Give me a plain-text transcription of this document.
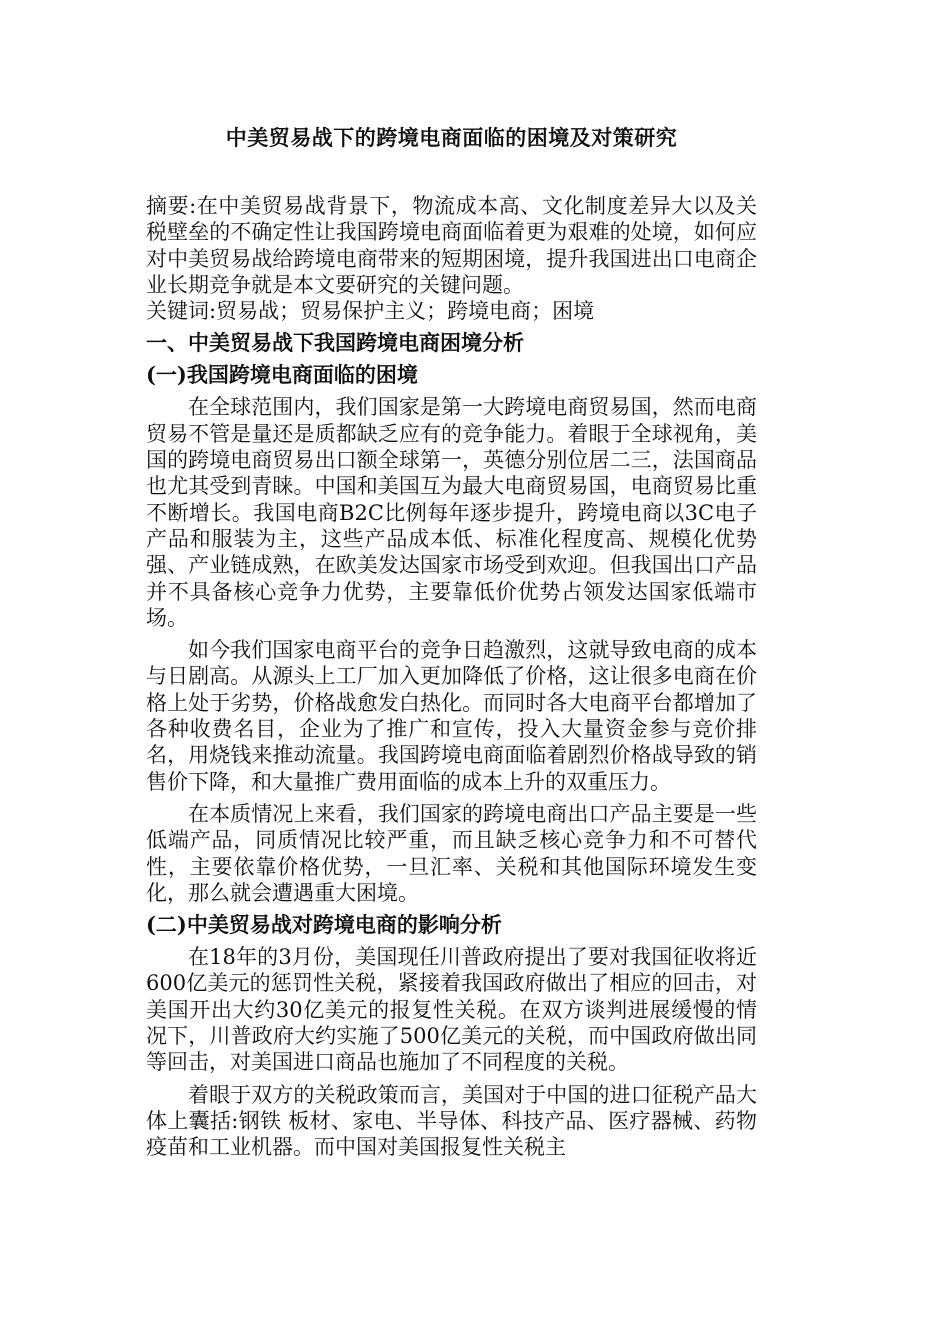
中美贸易战下的跨境电商面临的困境及对策研究

摘要:在中美贸易战背景下，物流成本高、文化制度差异大以及关税壁垒的不确定性让我国跨境电商面临着更为艰难的处境，如何应对中美贸易战给跨境电商带来的短期困境，提升我国进出口电商企业长期竞争就是本文要研究的关键问题。

关键词:贸易战；贸易保护主义；跨境电商；困境

一、中美贸易战下我国跨境电商困境分析
(一)我国跨境电商面临的困境

在全球范围内，我们国家是第一大跨境电商贸易国，然而电商贸易不管是量还是质都缺乏应有的竞争能力。着眼于全球视角，美国的跨境电商贸易出口额全球第一，英德分别位居二三，法国商品也尤其受到青睐。中国和美国互为最大电商贸易国，电商贸易比重不断增长。我国电商B2C比例每年逐步提升，跨境电商以3C电子产品和服装为主，这些产品成本低、标准化程度高、规模化优势强、产业链成熟，在欧美发达国家市场受到欢迎。但我国出口产品并不具备核心竞争力优势，主要靠低价优势占领发达国家低端市场。

如今我们国家电商平台的竞争日趋激烈，这就导致电商的成本与日剧高。从源头上工厂加入更加降低了价格，这让很多电商在价格上处于劣势，价格战愈发白热化。而同时各大电商平台都增加了各种收费名目，企业为了推广和宣传，投入大量资金参与竞价排名，用烧钱来推动流量。我国跨境电商面临着剧烈价格战导致的销售价下降，和大量推广费用面临的成本上升的双重压力。

在本质情况上来看，我们国家的跨境电商出口产品主要是一些低端产品，同质情况比较严重，而且缺乏核心竞争力和不可替代性，主要依靠价格优势，一旦汇率、关税和其他国际环境发生变化，那么就会遭遇重大困境。

(二)中美贸易战对跨境电商的影响分析

在18年的3月份，美国现任川普政府提出了要对我国征收将近600亿美元的惩罚性关税，紧接着我国政府做出了相应的回击，对美国开出大约30亿美元的报复性关税。在双方谈判进展缓慢的情况下，川普政府大约实施了500亿美元的关税，而中国政府做出同等回击，对美国进口商品也施加了不同程度的关税。

着眼于双方的关税政策而言，美国对于中国的进口征税产品大体上囊括:钢铁 板材、家电、半导体、科技产品、医疗器械、药物疫苗和工业机器。而中国对美国报复性关税主
